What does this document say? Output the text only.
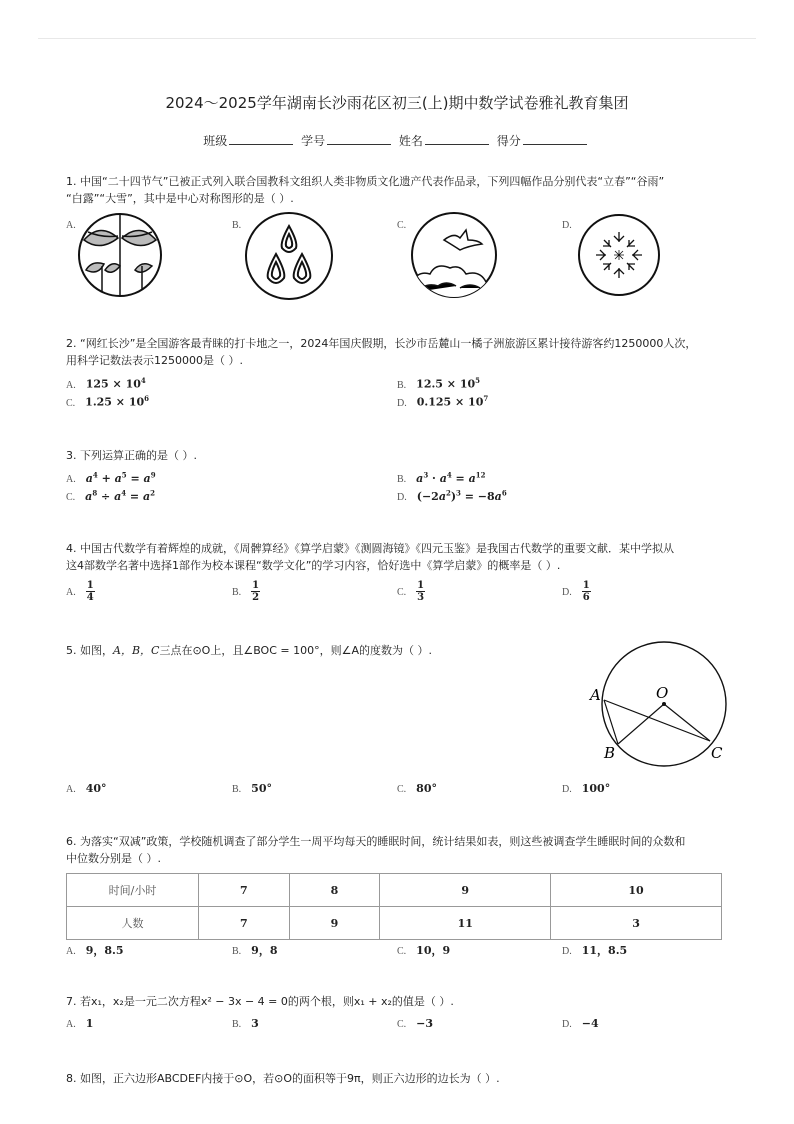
2024～2025学年湖南长沙雨花区初三(上)期中数学试卷雅礼教育集团
班级	学号	姓名	得分
1. 中国“二十四节气”已被正式列入联合国教科文组织人类非物质文化遗产代表作品录，下列四幅作品分别代表“立春”“谷雨”
“白露”“大雪”，其中是中心对称图形的是（ ）.
A.	B.	C.	D.
2. “网红长沙”是全国游客最青睐的打卡地之一，2024年国庆假期，长沙市岳麓山一橘子洲旅游区累计接待游客约1250000人次，
用科学记数法表示1250000是（ ）.
A. $125 \times 10^4$	B. $12.5 \times 10^5$
C. $1.25 \times 10^6$	D. $0.125 \times 10^7$
3. 下列运算正确的是（ ）.
A. $a^4 + a^5 = a^9$	B. $a^3 \cdot a^4 = a^{12}$
C. $a^8 \div a^4 = a^2$	D. $(-2a^2)^3 = -8a^6$
4. 中国古代数学有着辉煌的成就，《周髀算经》《算学启蒙》《测圆海镜》《四元玉鉴》是我国古代数学的重要文献．某中学拟从
这4部数学名著中选择1部作为校本课程“数学文化”的学习内容，恰好选中《算学启蒙》的概率是（ ）.
A. $\frac{1}{4}$	B. $\frac{1}{2}$	C. $\frac{1}{3}$	D. $\frac{1}{6}$
5. 如图，A，B，C三点在⊙O上，且∠BOC = 100°，则∠A的度数为（ ）.
A	O
B	C
A. 40°	B. 50°	C. 80°	D. 100°
6. 为落实“双减”政策，学校随机调查了部分学生一周平均每天的睡眠时间，统计结果如表，则这些被调查学生睡眠时间的众数和
中位数分别是（ ）.
时间/小时	7	8	9	10
人数	7	9	11	3
A. 9，8.5	B. 9，8	C. 10，9	D. 11，8.5
7. 若x₁，x₂是一元二次方程x² − 3x − 4 = 0的两个根，则x₁ + x₂的值是（ ）.
A. 1	B. 3	C. −3	D. −4
8. 如图，正六边形ABCDEF内接于⊙O，若⊙O的面积等于9π，则正六边形的边长为（ ）.
